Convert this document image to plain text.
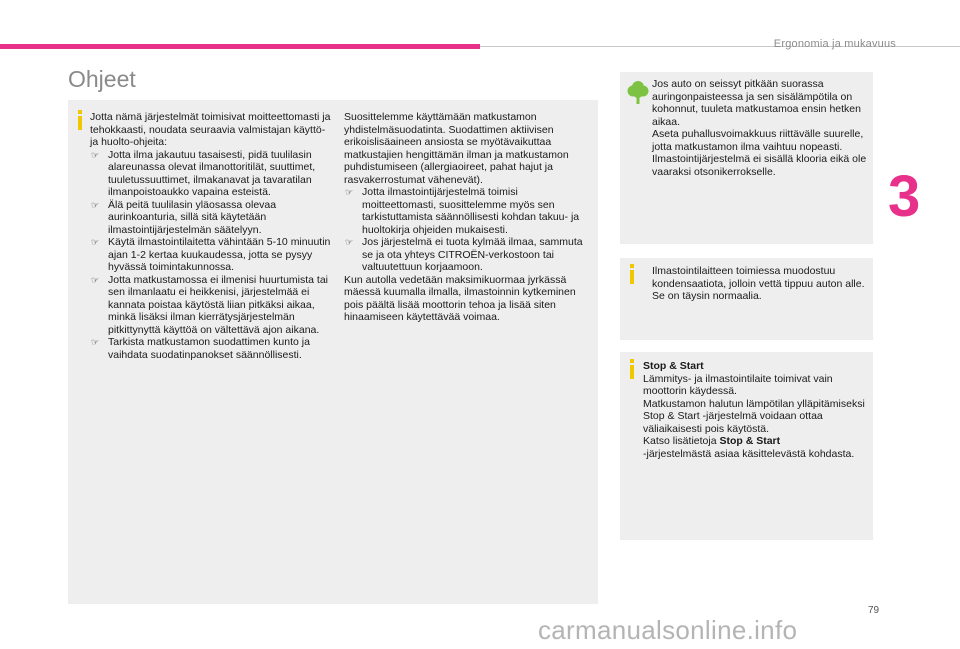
Ergonomia ja mukavuus
3
Ohjeet

Jotta nämä järjestelmät toimisivat moitteettomasti ja tehokkaasti, noudata seuraavia valmistajan käyttö- ja huolto-ohjeita:

☞ Jotta ilma jakautuu tasaisesti, pidä tuulilasin alareunassa olevat ilmanottoritilät, suuttimet, tuuletussuuttimet, ilmakanavat ja tavaratilan ilmanpoistoaukko vapaina esteistä.
☞ Älä peitä tuulilasin yläosassa olevaa aurinkoanturia, sillä sitä käytetään ilmastointijärjestelmän säätelyyn.
☞ Käytä ilmastointilaitetta vähintään 5-10 minuutin ajan 1-2 kertaa kuukaudessa, jotta se pysyy hyvässä toimintakunnossa.
☞ Jotta matkustamossa ei ilmenisi huurtumista tai sen ilmanlaatu ei heikkenisi, järjestelmää ei kannata poistaa käytöstä liian pitkäksi aikaa, minkä lisäksi ilman kierrätysjärjestelmän pitkittynyttä käyttöä on vältettävä ajon aikana.
☞ Tarkista matkustamon suodattimen kunto ja vaihdata suodatinpanokset säännöllisesti.

Suosittelemme käyttämään matkustamon yhdistelmäsuodatinta. Suodattimen aktiivisen erikoislisäaineen ansiosta se myötävaikuttaa matkustajien hengittämän ilman ja matkustamon puhdistumiseen (allergiaoireet, pahat hajut ja rasvakerrostumat vähenevät).

☞ Jotta ilmastointijärjestelmä toimisi moitteettomasti, suosittelemme myös sen tarkistuttamista säännöllisesti kohdan takuu- ja huoltokirja ohjeiden mukaisesti.
☞ Jos järjestelmä ei tuota kylmää ilmaa, sammuta se ja ota yhteys CITROËN-verkostoon tai valtuutettuun korjaamoon.

Kun autolla vedetään maksimikuormaa jyrkässä mäessä kuumalla ilmalla, ilmastoinnin kytkeminen pois päältä lisää moottorin tehoa ja lisää siten hinaamiseen käytettävää voimaa.

Jos auto on seissyt pitkään suorassa auringonpaisteessa ja sen sisälämpötila on kohonnut, tuuleta matkustamoa ensin hetken aikaa.

Aseta puhallusvoimakkuus riittävälle suurelle, jotta matkustamon ilma vaihtuu nopeasti.

Ilmastointijärjestelmä ei sisällä klooria eikä ole vaaraksi otsonikerrokselle.

Ilmastointilaitteen toimiessa muodostuu kondensaatiota, jolloin vettä tippuu auton alle. Se on täysin normaalia.

Stop & Start

Lämmitys- ja ilmastointilaite toimivat vain moottorin käydessä.

Matkustamon halutun lämpötilan ylläpitämiseksi Stop & Start -järjestelmä voidaan ottaa väliaikaisesti pois käytöstä.

Katso lisätietoja Stop & Start
-järjestelmästä asiaa käsittelevästä kohdasta.

79
carmanualsonline.info
